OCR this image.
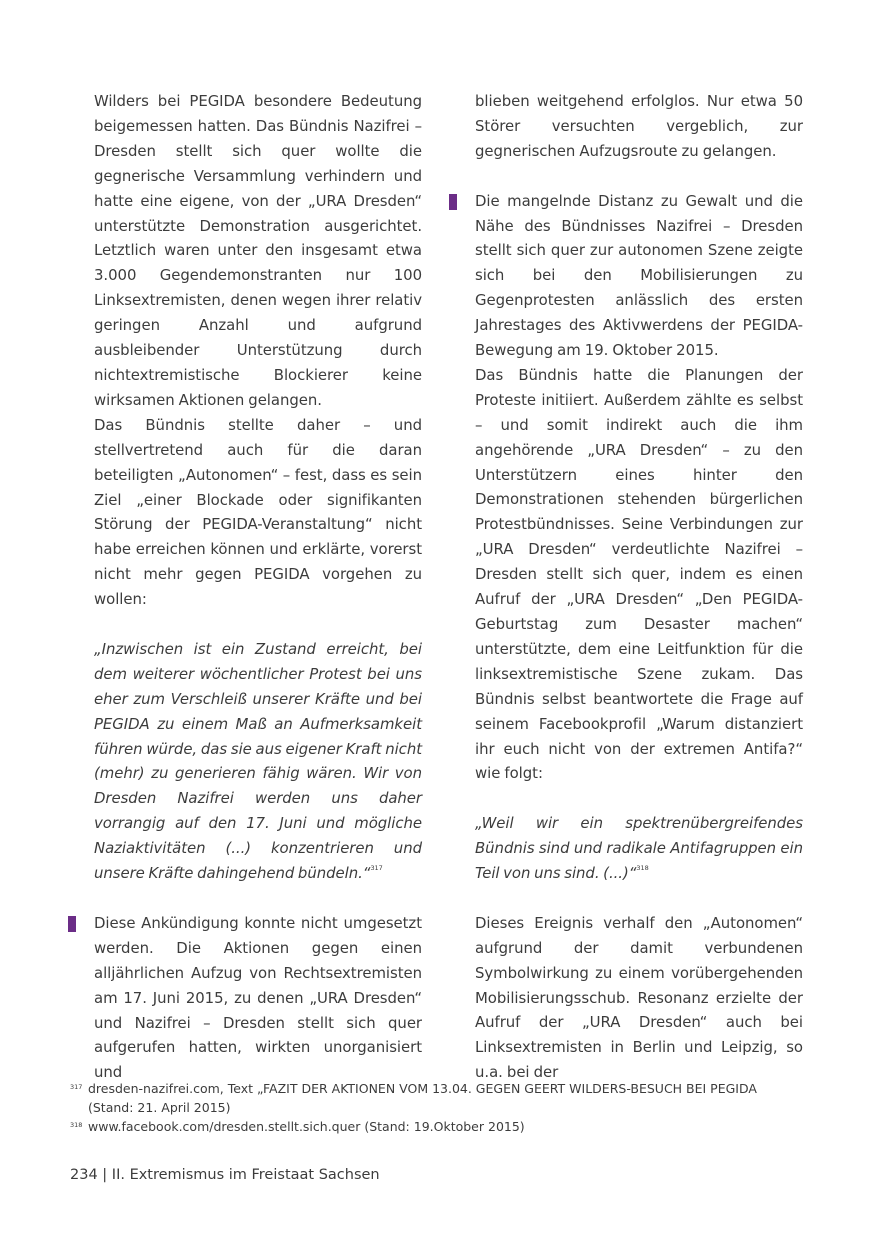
Wilders bei PEGIDA besondere Bedeutung beigemessen hatten. Das Bündnis Nazifrei – Dresden stellt sich quer wollte die gegnerische Versammlung verhindern und hatte eine eigene, von der „URA Dresden“ unterstützte Demonstration ausgerichtet. Letztlich waren unter den insgesamt etwa 3.000 Gegendemonstranten nur 100 Linksextremisten, denen wegen ihrer relativ geringen Anzahl und aufgrund ausbleibender Unterstützung durch nichtextremistische Blockierer keine wirksamen Aktionen gelangen.

Das Bündnis stellte daher – und stellvertretend auch für die daran beteiligten „Autonomen“ – fest, dass es sein Ziel „einer Blockade oder signifikanten Störung der PEGIDA-Veranstaltung“ nicht habe erreichen können und erklärte, vorerst nicht mehr gegen PEGIDA vorgehen zu wollen:

„Inzwischen ist ein Zustand erreicht, bei dem weiterer wöchentlicher Protest bei uns eher zum Verschleiß unserer Kräfte und bei PEGIDA zu einem Maß an Aufmerksamkeit führen würde, das sie aus eigener Kraft nicht (mehr) zu generieren fähig wären. Wir von Dresden Nazifrei werden uns daher vorrangig auf den 17. Juni und mögliche Naziaktivitäten (...) konzentrieren und unsere Kräfte dahingehend bündeln.“$^{317}$

Diese Ankündigung konnte nicht umgesetzt werden. Die Aktionen gegen einen alljährlichen Aufzug von Rechtsextremisten am 17. Juni 2015, zu denen „URA Dresden“ und Nazifrei – Dresden stellt sich quer aufgerufen hatten, wirkten unorganisiert und

blieben weitgehend erfolglos. Nur etwa 50 Störer versuchten vergeblich, zur gegnerischen Aufzugsroute zu gelangen.

Die mangelnde Distanz zu Gewalt und die Nähe des Bündnisses Nazifrei – Dresden stellt sich quer zur autonomen Szene zeigte sich bei den Mobilisierungen zu Gegenprotesten anlässlich des ersten Jahrestages des Aktivwerdens der PEGIDA-Bewegung am 19. Oktober 2015.

Das Bündnis hatte die Planungen der Proteste initiiert. Außerdem zählte es selbst – und somit indirekt auch die ihm angehörende „URA Dresden“ – zu den Unterstützern eines hinter den Demonstrationen stehenden bürgerlichen Protestbündnisses. Seine Verbindungen zur „URA Dresden“ verdeutlichte Nazifrei – Dresden stellt sich quer, indem es einen Aufruf der „URA Dresden“ „Den PEGIDA-Geburtstag zum Desaster machen“ unterstützte, dem eine Leitfunktion für die linksextremistische Szene zukam. Das Bündnis selbst beantwortete die Frage auf seinem Facebookprofil „Warum distanziert ihr euch nicht von der extremen Antifa?“ wie folgt:

„Weil wir ein spektrenübergreifendes Bündnis sind und radikale Antifagruppen ein Teil von uns sind. (...)“$^{318}$

Dieses Ereignis verhalf den „Autonomen“ aufgrund der damit verbundenen Symbolwirkung zu einem vorübergehenden Mobilisierungsschub. Resonanz erzielte der Aufruf der „URA Dresden“ auch bei Linksextremisten in Berlin und Leipzig, so u.a. bei der

317 dresden-nazifrei.com, Text „FAZIT DER AKTIONEN VOM 13.04. GEGEN GEERT WILDERS-BESUCH BEI PEGIDA (Stand: 21. April 2015)
318 www.facebook.com/dresden.stellt.sich.quer (Stand: 19.Oktober 2015)
234 | II. Extremismus im Freistaat Sachsen
